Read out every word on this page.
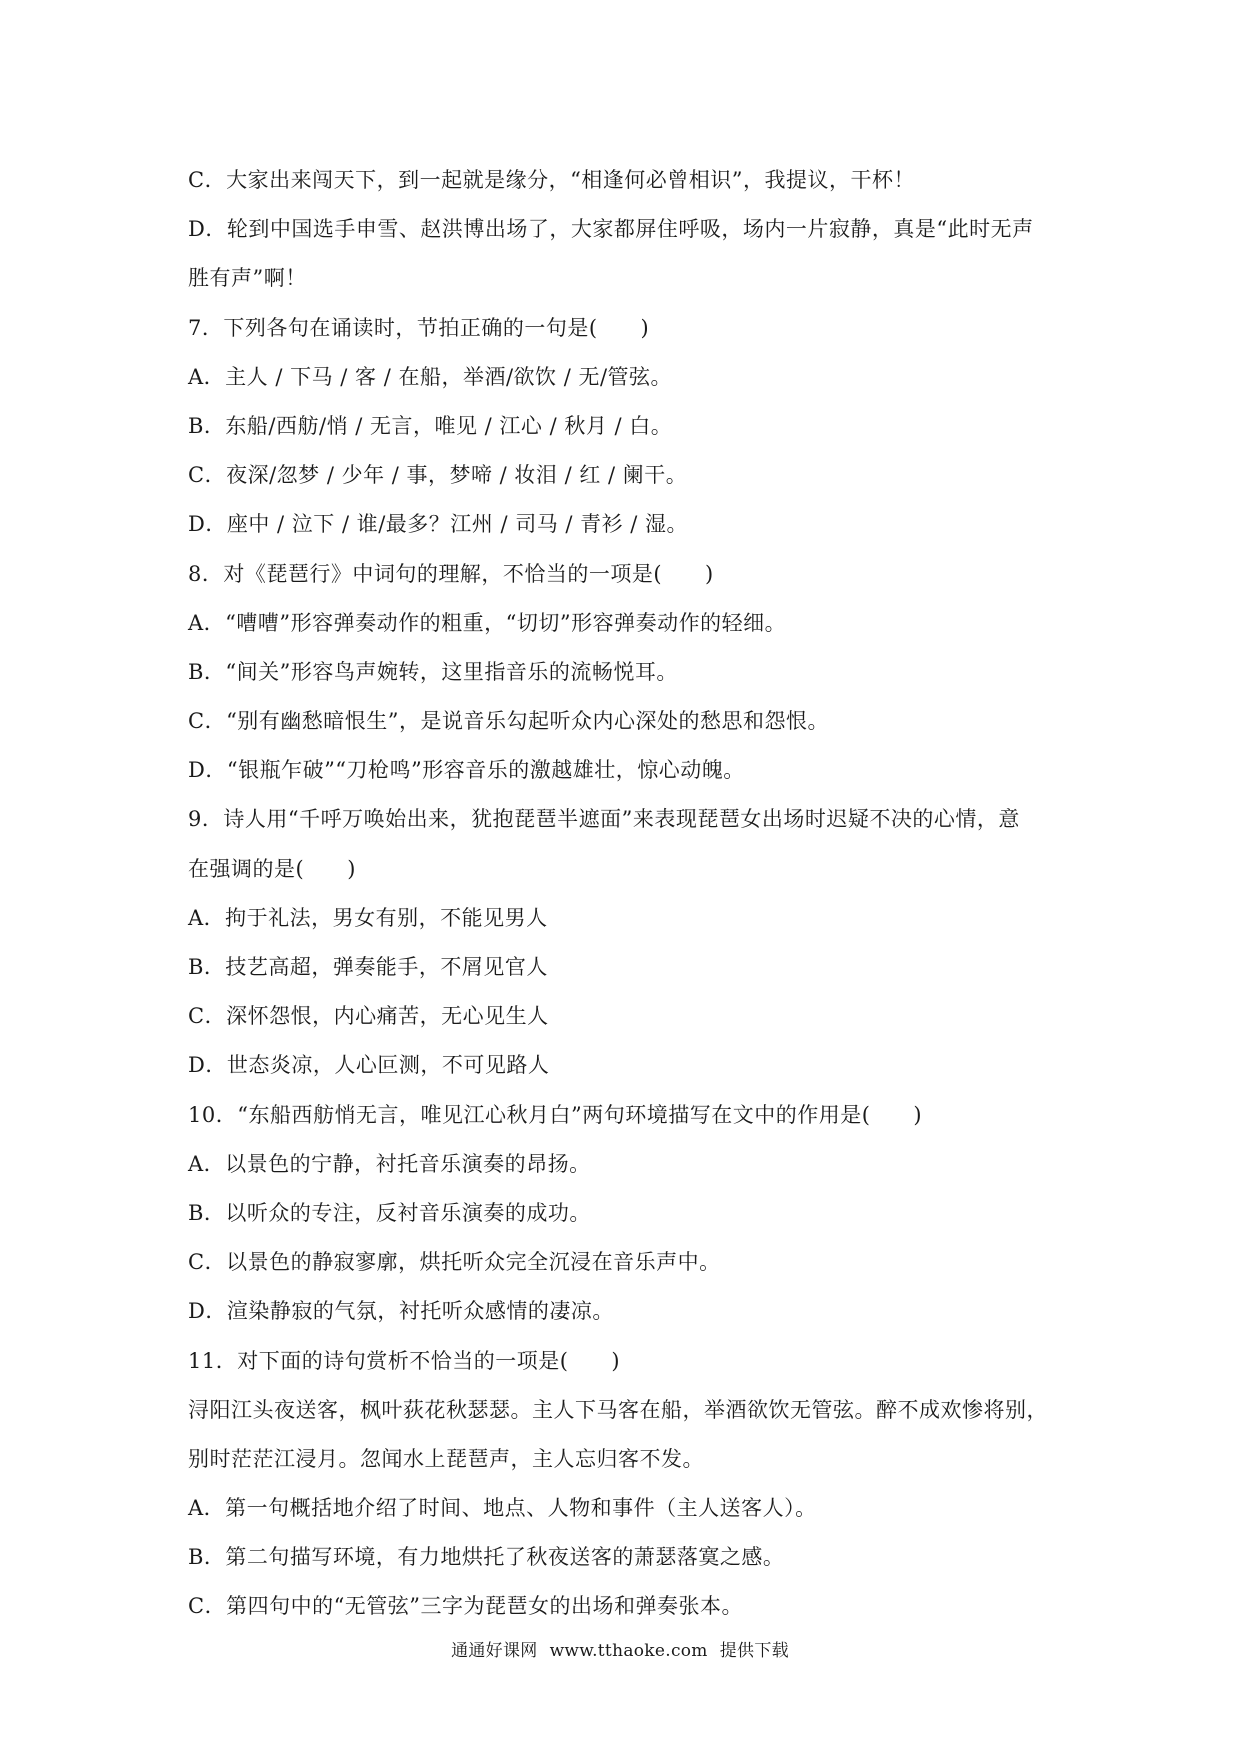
C．大家出来闯天下，到一起就是缘分，“相逢何必曾相识”，我提议，干杯！
D．轮到中国选手申雪、赵洪博出场了，大家都屏住呼吸，场内一片寂静，真是“此时无声
胜有声”啊！
7．下列各句在诵读时，节拍正确的一句是(　　)
A．主人 / 下马 / 客 / 在船，举酒/欲饮 / 无/管弦。
B．东船/西舫/悄 / 无言，唯见 / 江心 / 秋月 / 白。
C．夜深/忽梦 / 少年 / 事，梦啼 / 妆泪 / 红 / 阑干。
D．座中 / 泣下 / 谁/最多？江州 / 司马 / 青衫 / 湿。
8．对《琵琶行》中词句的理解，不恰当的一项是(　　)
A．“嘈嘈”形容弹奏动作的粗重，“切切”形容弹奏动作的轻细。
B．“间关”形容鸟声婉转，这里指音乐的流畅悦耳。
C．“别有幽愁暗恨生”，是说音乐勾起听众内心深处的愁思和怨恨。
D．“银瓶乍破”“刀枪鸣”形容音乐的激越雄壮，惊心动魄。
9．诗人用“千呼万唤始出来，犹抱琵琶半遮面”来表现琵琶女出场时迟疑不决的心情，意
在强调的是(　　)
A．拘于礼法，男女有别，不能见男人
B．技艺高超，弹奏能手，不屑见官人
C．深怀怨恨，内心痛苦，无心见生人
D．世态炎凉，人心叵测，不可见路人
10．“东船西舫悄无言，唯见江心秋月白”两句环境描写在文中的作用是(　　)
A．以景色的宁静，衬托音乐演奏的昂扬。
B．以听众的专注，反衬音乐演奏的成功。
C．以景色的静寂寥廓，烘托听众完全沉浸在音乐声中。
D．渲染静寂的气氛，衬托听众感情的凄凉。
11．对下面的诗句赏析不恰当的一项是(　　)
浔阳江头夜送客，枫叶荻花秋瑟瑟。主人下马客在船，举酒欲饮无管弦。醉不成欢惨将别，
别时茫茫江浸月。忽闻水上琵琶声，主人忘归客不发。
A．第一句概括地介绍了时间、地点、人物和事件（主人送客人）。
B．第二句描写环境，有力地烘托了秋夜送客的萧瑟落寞之感。
C．第四句中的“无管弦”三字为琵琶女的出场和弹奏张本。
通通好课网 www.tthaoke.com 提供下载
